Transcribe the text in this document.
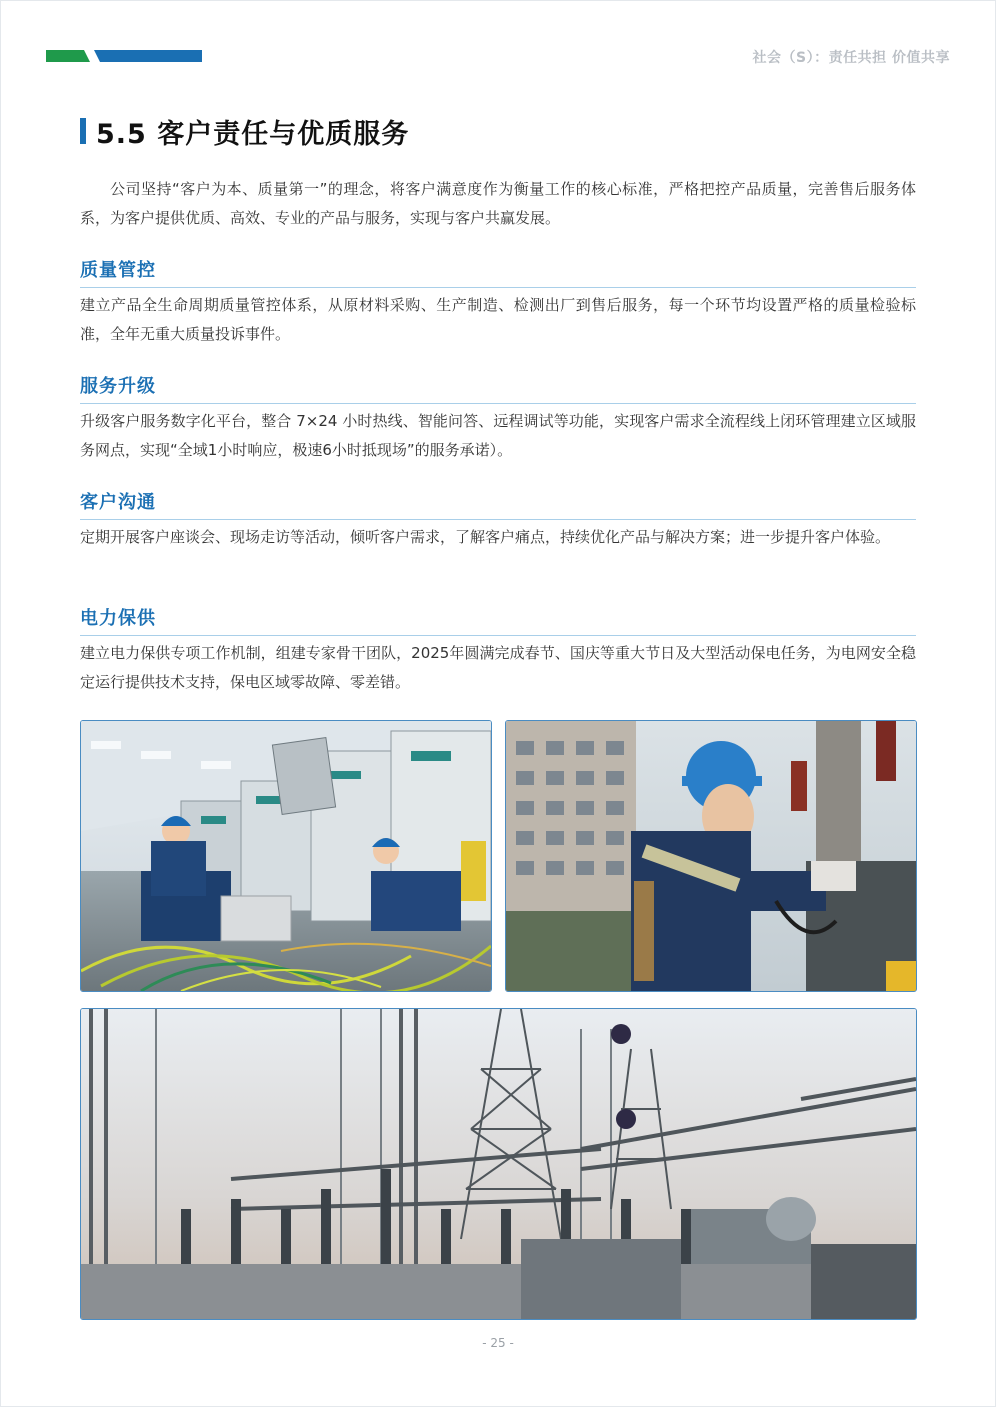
社会（S）：责任共担 价值共享
5.5 客户责任与优质服务

公司坚持“客户为本、质量第一”的理念，将客户满意度作为衡量工作的核心标准，严格把控产品质量，完善售后服务体系，为客户提供优质、高效、专业的产品与服务，实现与客户共赢发展。

质量管控

建立产品全生命周期质量管控体系，从原材料采购、生产制造、检测出厂到售后服务，每一个环节均设置严格的质量检验标准，全年无重大质量投诉事件。

服务升级

升级客户服务数字化平台，整合 7×24 小时热线、智能问答、远程调试等功能，实现客户需求全流程线上闭环管理建立区域服务网点，实现“全域1小时响应，极速6小时抵现场”的服务承诺）。

客户沟通

定期开展客户座谈会、现场走访等活动，倾听客户需求，了解客户痛点，持续优化产品与解决方案；进一步提升客户体验。

电力保供

建立电力保供专项工作机制，组建专家骨干团队，2025年圆满完成春节、国庆等重大节日及大型活动保电任务，为电网安全稳定运行提供技术支持，保电区域零故障、零差错。

- 25 -
